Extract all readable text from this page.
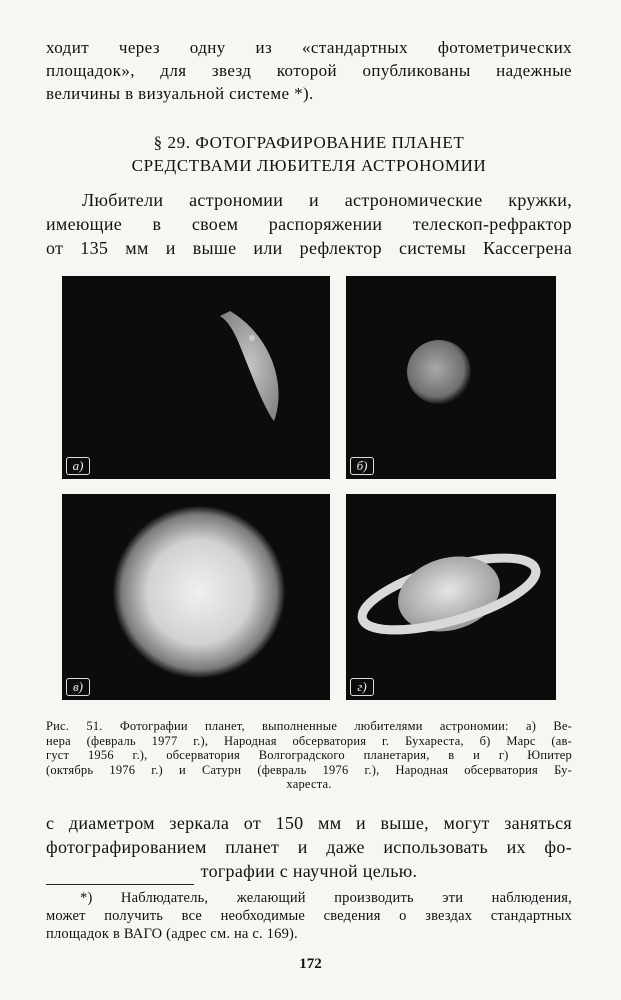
ходит через одну из «стандартных фотометрических
площадок», для звезд которой опубликованы надежные
величины в визуальной системе *).
§ 29. ФОТОГРАФИРОВАНИЕ ПЛАНЕТ
СРЕДСТВАМИ ЛЮБИТЕЛЯ АСТРОНОМИИ
Любители астрономии и астрономические кружки,
имеющие в своем распоряжении телескоп-рефрактор
от 135 мм и выше или рефлектор системы Кассегрена
а)	б)
в)	г)
Рис. 51. Фотографии планет, выполненные любителями астрономии: а) Ве-
нера (февраль 1977 г.), Народная обсерватория г. Бухареста, б) Марс (ав-
густ 1956 г.), обсерватория Волгоградского планетария, в и г) Юпитер
(октябрь 1976 г.) и Сатурн (февраль 1976 г.), Народная обсерватория Бу-
хареста.
с диаметром зеркала от 150 мм и выше, могут заняться
фотографированием планет и даже использовать их фо-
тографии с научной целью.
*) Наблюдатель, желающий производить эти наблюдения,
может получить все необходимые сведения о звездах стандартных
площадок в ВАГО (адрес см. на с. 169).
172
